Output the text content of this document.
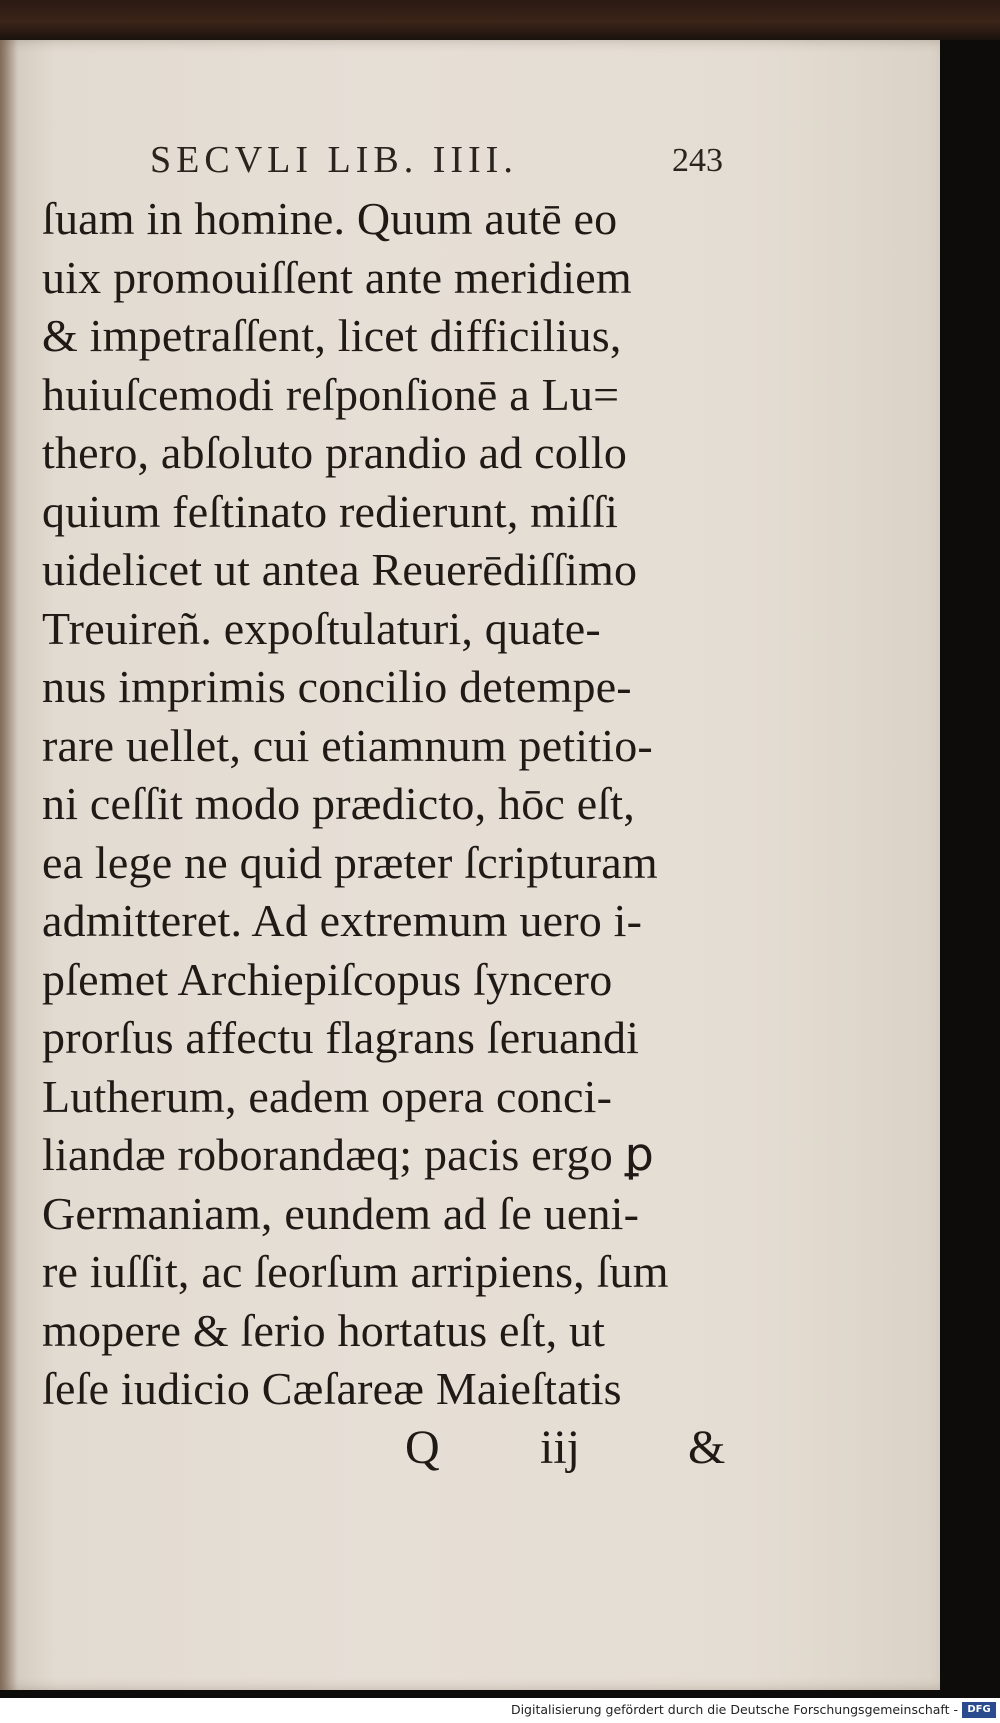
SECVLI LIB. IIII.	243
ſuam in homine. Quum autē eo
uix promouiſſent ante meridiem
& impetraſſent, licet difficilius,
huiuſcemodi reſponſionē a Lu=
thero, abſoluto prandio ad collo
quium feſtinato redierunt, miſſi
uidelicet ut antea Reuerēdiſſimo
Treuireñ. expoſtulaturi, quate-
nus imprimis concilio detempe-
rare uellet, cui etiamnum petitio-
ni ceſſit modo prædicto, hōc eſt,
ea lege ne quid præter ſcripturam
admitteret. Ad extremum uero i-
pſemet Archiepiſcopus ſyncero
prorſus affectu flagrans ſeruandi
Lutherum, eadem opera conci-
liandæ roborandæq; pacis ergo ꝑ
Germaniam, eundem ad ſe ueni-
re iuſſit, ac ſeorſum arripiens, ſum
mopere & ſerio hortatus eſt, ut
ſeſe iudicio Cæſareæ Maieſtatis
Q iij &
Digitalisierung gefördert durch die Deutsche Forschungsgemeinschaft - DFG
